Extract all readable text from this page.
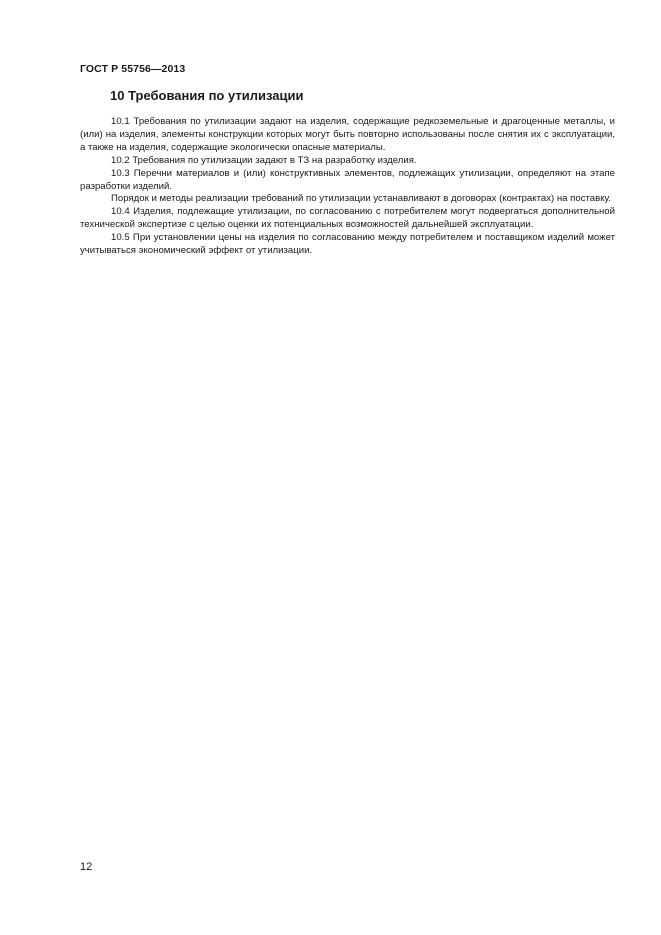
ГОСТ Р 55756—2013
10 Требования по утилизации

10.1 Требования по утилизации задают на изделия, содержащие редкоземельные и драгоценные металлы, и (или) на изделия, элементы конструкции которых могут быть повторно использованы после снятия их с эксплуатации, а также на изделия, содержащие экологически опасные материалы.

10.2 Требования по утилизации задают в ТЗ на разработку изделия.

10.3 Перечни материалов и (или) конструктивных элементов, подлежащих утилизации, определяют на этапе разработки изделий.

Порядок и методы реализации требований по утилизации устанавливают в договорах (контрактах) на поставку.

10.4 Изделия, подлежащие утилизации, по согласованию с потребителем могут подвергаться дополнительной технической экспертизе с целью оценки их потенциальных возможностей дальнейшей эксплуатации.

10.5 При установлении цены на изделия по согласованию между потребителем и поставщиком изделий может учитываться экономический эффект от утилизации.

12
